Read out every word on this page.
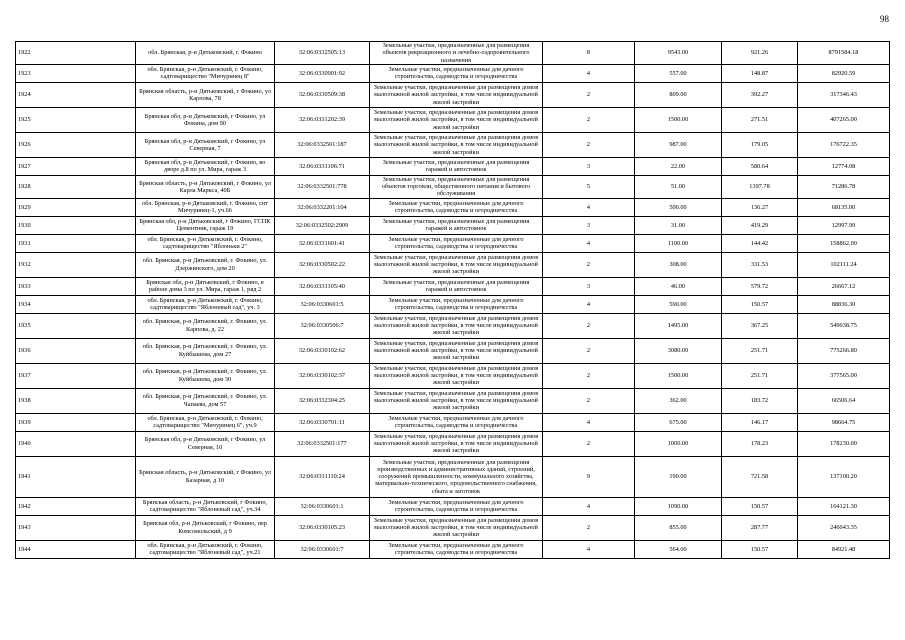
98
1922	обл. Брянская, р-н Дятьковский, г. Фокино	32:06:0332505:13	Земельные участки, предназначенные для размещения объектов рекреационного и лечебно-оздоровительного назначения	8	9543.00	921.26	8791584.18
1923	обл. Брянская, р-н Дятьковский, г. Фокино, садтоварищество "Мичуринец 8"	32:06:0330901:92	Земельные участки, предназначенные для дачного строительства, садоводства и огородничества	4	557.00	148.87	82920.59
1924	Брянская область, р-н Дятьковский, г Фокино, ул Карпова, 78	32:06:0330509:38	Земельные участки, предназначенные для размещения домов малоэтажной жилой застройки, в том числе индивидуальной жилой застройки	2	809.00	392.27	317346.43
1925	Брянская обл, р-н Дятьковский, г Фокино, ул Фокина, дом 90	32:06:0331202:39	Земельные участки, предназначенные для размещения домов малоэтажной жилой застройки, в том числе индивидуальной жилой застройки	2	1500.00	271.51	407265.00
1926	Брянская обл, р-н Дятьковский, г Фокино, ул Северная, 7	32:06:0332501:187	Земельные участки, предназначенные для размещения домов малоэтажной жилой застройки, в том числе индивидуальной жилой застройки	2	987.00	179.05	176722.35
1927	Брянская обл, р-н Дятьковский, г Фокино, во дворе д.8 по ул. Мира, гараж 3	32:06:0331106:71	Земельные участки, предназначенные для размещения гаражей и автостоянок	3	22.00	580.64	12774.08
1928	Брянская область, р-н Дятьковский, г Фокино, ул Карла Маркса, 40Б	32:06:0332501:778	Земельные участки, предназначенные для размещения объектов торговли, общественного питания и бытового обслуживания	5	51.00	1397.78	71286.78
1929	обл. Брянская, р-н Дятьковский, г. Фокино, снт Мичуринец-1, уч.66	32:06:0332201:104	Земельные участки, предназначенные для дачного строительства, садоводства и огородничества	4	500.00	136.27	68135.00
1930	Брянская обл, р-н Дятьковский, г Фокино, ГСПК Цементник, гараж 19	32:06:0332502:2909	Земельные участки, предназначенные для размещения гаражей и автостоянок	3	31.00	419.29	12997.99
1931	обл. Брянская, р-н Дятьковский, г. Фокино, садтоварищество "Яблоньки 2"	32:06:0331601:41	Земельные участки, предназначенные для дачного строительства, садоводства и огородничества	4	1100.00	144.42	158862.00
1932	обл. Брянская, р-н Дятьковский, г. Фокино, ул. Дзержинского, дом 20	32:06:0330502:22	Земельные участки, предназначенные для размещения домов малоэтажной жилой застройки, в том числе индивидуальной жилой застройки	2	308.00	331.53	102111.24
1933	Брянская обл, р-н Дятьковский, г Фокино, в районе дома 3 по ул. Мира, гараж 1, ряд 2	32:06:0331105:40	Земельные участки, предназначенные для размещения гаражей и автостоянок	3	46.00	579.72	26667.12
1934	обл. Брянская, р-н Дятьковский, г. Фокино, садтоварищество "Яблоневый сад", уч. 3	32:06:0330601:5	Земельные участки, предназначенные для дачного строительства, садоводства и огородничества	4	590.00	150.57	88836.30
1935	обл. Брянская, р-н Дятьковский, г. Фокино, ул. Карпова, д. 22	32:06:0330506:7	Земельные участки, предназначенные для размещения домов малоэтажной жилой застройки, в том числе индивидуальной жилой застройки	2	1495.00	367.25	549038.75
1936	обл. Брянская, р-н Дятьковский, г. Фокино, ул. Куйбышева, дом 27	32:06:0330102:62	Земельные участки, предназначенные для размещения домов малоэтажной жилой застройки, в том числе индивидуальной жилой застройки	2	3080.00	251.71	775266.80
1937	обл. Брянская, р-н Дятьковский, г. Фокино, ул. Куйбышева, дом 30	32:06:0330102:37	Земельные участки, предназначенные для размещения домов малоэтажной жилой застройки, в том числе индивидуальной жилой застройки	2	1500.00	251.71	377565.00
1938	обл. Брянская, р-н Дятьковский, г. Фокино, ул. Чапаева, дом 57	32:06:0332304:25	Земельные участки, предназначенные для размещения домов малоэтажной жилой застройки, в том числе индивидуальной жилой застройки	2	362.00	183.72	66506.64
1939	обл. Брянская, р-н Дятьковский, г. Фокино, садтоварищество "Мичуринец 6", уч.9	32:06:0330701:11	Земельные участки, предназначенные для дачного строительства, садоводства и огородничества	4	675.00	146.17	98664.75
1940	Брянская обл, р-н Дятьковский, г Фокино, ул Северная, 10	32:06:0332501:177	Земельные участки, предназначенные для размещения домов малоэтажной жилой застройки, в том числе индивидуальной жилой застройки	2	1000.00	178.23	178230.00
1941	Брянская область, р-н Дятьковский, г Фокино, ул Базарная, д 10	32:06:0331110:24	Земельные участки, предназначенные для размещения производственных и административных зданий, строений, сооружений промышленности, коммунального хозяйства, материально-технического, продовольственного снабжения, сбыта и заготовок	9	190.00	721.58	137100.20
1942	Брянская область, р-н Дятьковский, г Фокино, садтоварищество "Яблоневый сад", уч.34	32:06:0330601:1	Земельные участки, предназначенные для дачного строительства, садоводства и огородничества	4	1090.00	150.57	164121.30
1943	Брянская обл, р-н Дятьковский, г Фокино, пер Комсомольский, д 9	32:06:0330105:23	Земельные участки, предназначенные для размещения домов малоэтажной жилой застройки, в том числе индивидуальной жилой застройки	2	855.00	287.77	246043.35
1944	обл. Брянская, р-н Дятьковский, г. Фокино, садтоварищество "Яблоневый сад", уч.21	32:06:0330601:7	Земельные участки, предназначенные для дачного строительства, садоводства и огородничества	4	564.00	150.57	84921.48
